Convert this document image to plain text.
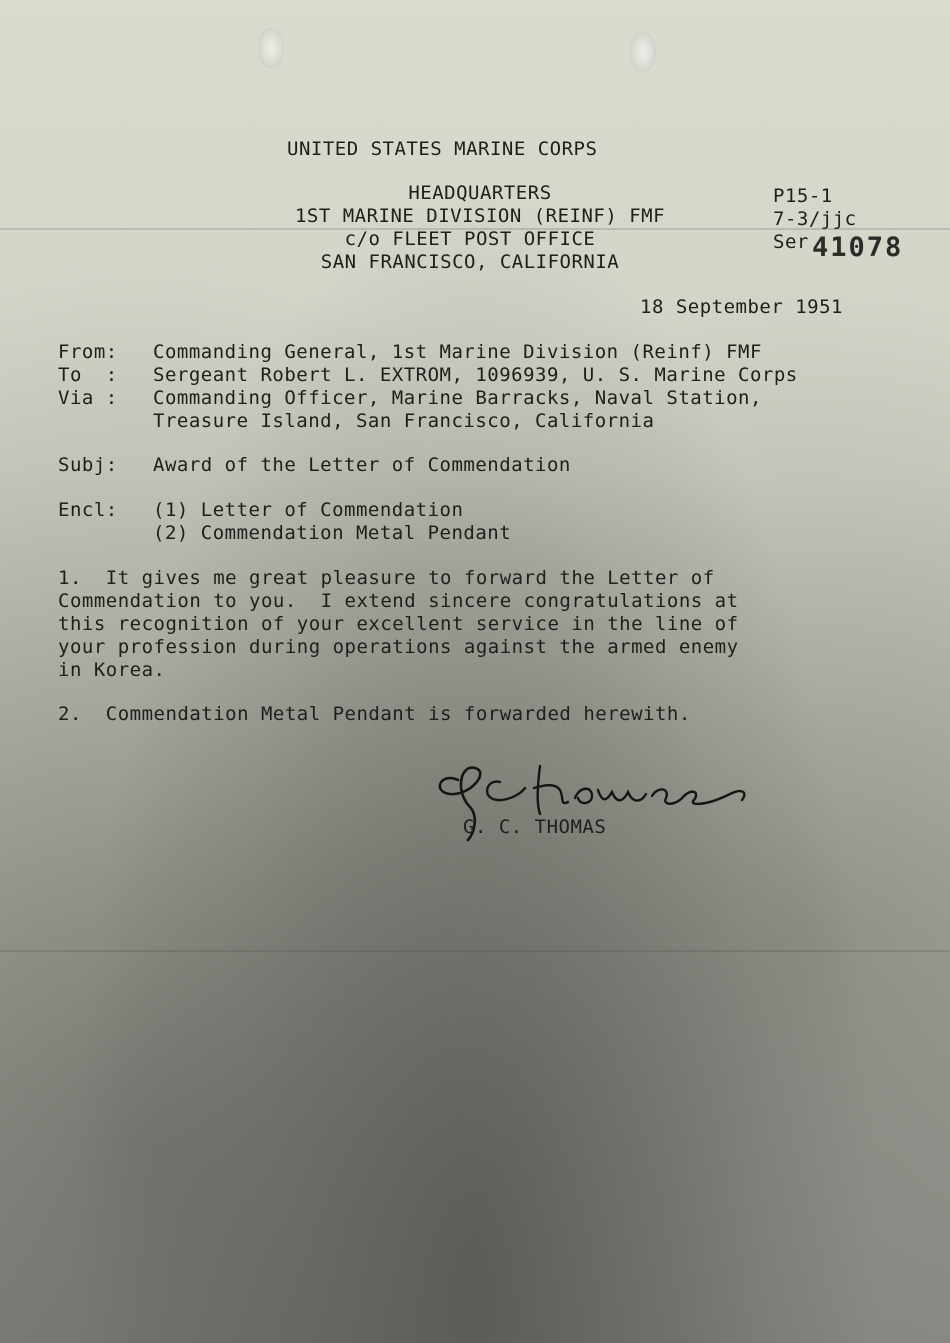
UNITED STATES MARINE CORPS
HEADQUARTERS
1ST MARINE DIVISION (REINF) FMF
c/o FLEET POST OFFICE
SAN FRANCISCO, CALIFORNIA
P15-1
7-3/jjc
Ser 41078
18 September 1951
From: Commanding General, 1st Marine Division (Reinf) FMF
To  : Sergeant Robert L. EXTROM, 1096939, U. S. Marine Corps
Via : Commanding Officer, Marine Barracks, Naval Station,
Treasure Island, San Francisco, California
Subj: Award of the Letter of Commendation
Encl: (1) Letter of Commendation
(2) Commendation Metal Pendant
1.  It gives me great pleasure to forward the Letter of
Commendation to you.  I extend sincere congratulations at
this recognition of your excellent service in the line of
your profession during operations against the armed enemy
in Korea.
2.  Commendation Metal Pendant is forwarded herewith.
G. C. THOMAS
